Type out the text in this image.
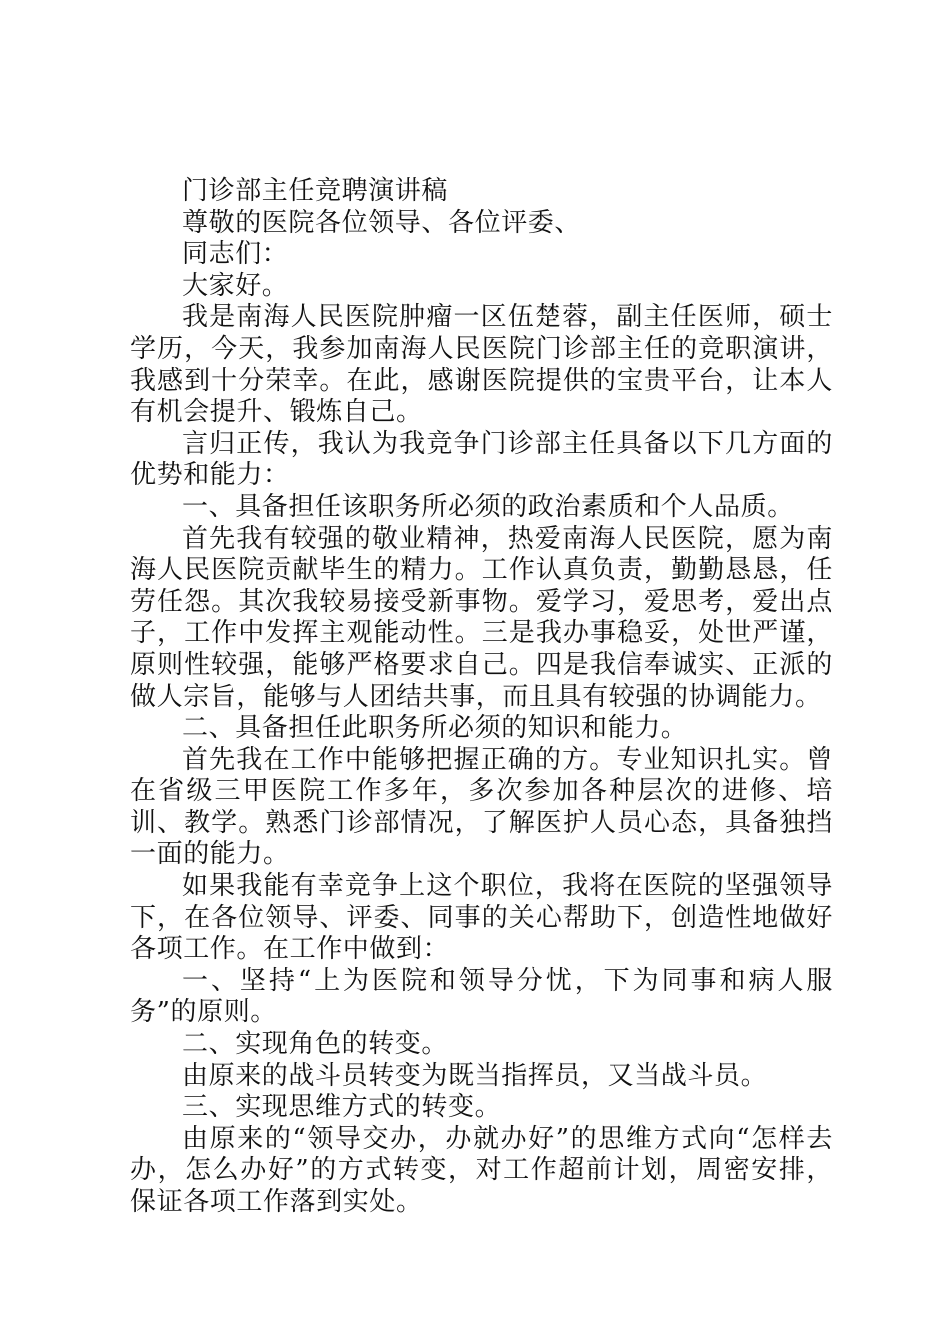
门诊部主任竞聘演讲稿

尊敬的医院各位领导、各位评委、

同志们：

大家好。

我是南海人民医院肿瘤一区伍楚蓉，副主任医师，硕士学历，今天，我参加南海人民医院门诊部主任的竞职演讲，我感到十分荣幸。在此，感谢医院提供的宝贵平台，让本人有机会提升、锻炼自己。

言归正传，我认为我竞争门诊部主任具备以下几方面的优势和能力：

一、具备担任该职务所必须的政治素质和个人品质。

首先我有较强的敬业精神，热爱南海人民医院，愿为南海人民医院贡献毕生的精力。工作认真负责，勤勤恳恳，任劳任怨。其次我较易接受新事物。爱学习，爱思考，爱出点子，工作中发挥主观能动性。三是我办事稳妥，处世严谨，原则性较强，能够严格要求自己。四是我信奉诚实、正派的做人宗旨，能够与人团结共事，而且具有较强的协调能力。

二、具备担任此职务所必须的知识和能力。

首先我在工作中能够把握正确的方。专业知识扎实。曾在省级三甲医院工作多年，多次参加各种层次的进修、培训、教学。熟悉门诊部情况，了解医护人员心态，具备独挡一面的能力。

如果我能有幸竞争上这个职位，我将在医院的坚强领导下，在各位领导、评委、同事的关心帮助下，创造性地做好各项工作。在工作中做到：

一、坚持“上为医院和领导分忧，下为同事和病人服务”的原则。

二、实现角色的转变。

由原来的战斗员转变为既当指挥员，又当战斗员。

三、实现思维方式的转变。

由原来的“领导交办，办就办好”的思维方式向“怎样去办，怎么办好”的方式转变，对工作超前计划，周密安排，保证各项工作落到实处。
